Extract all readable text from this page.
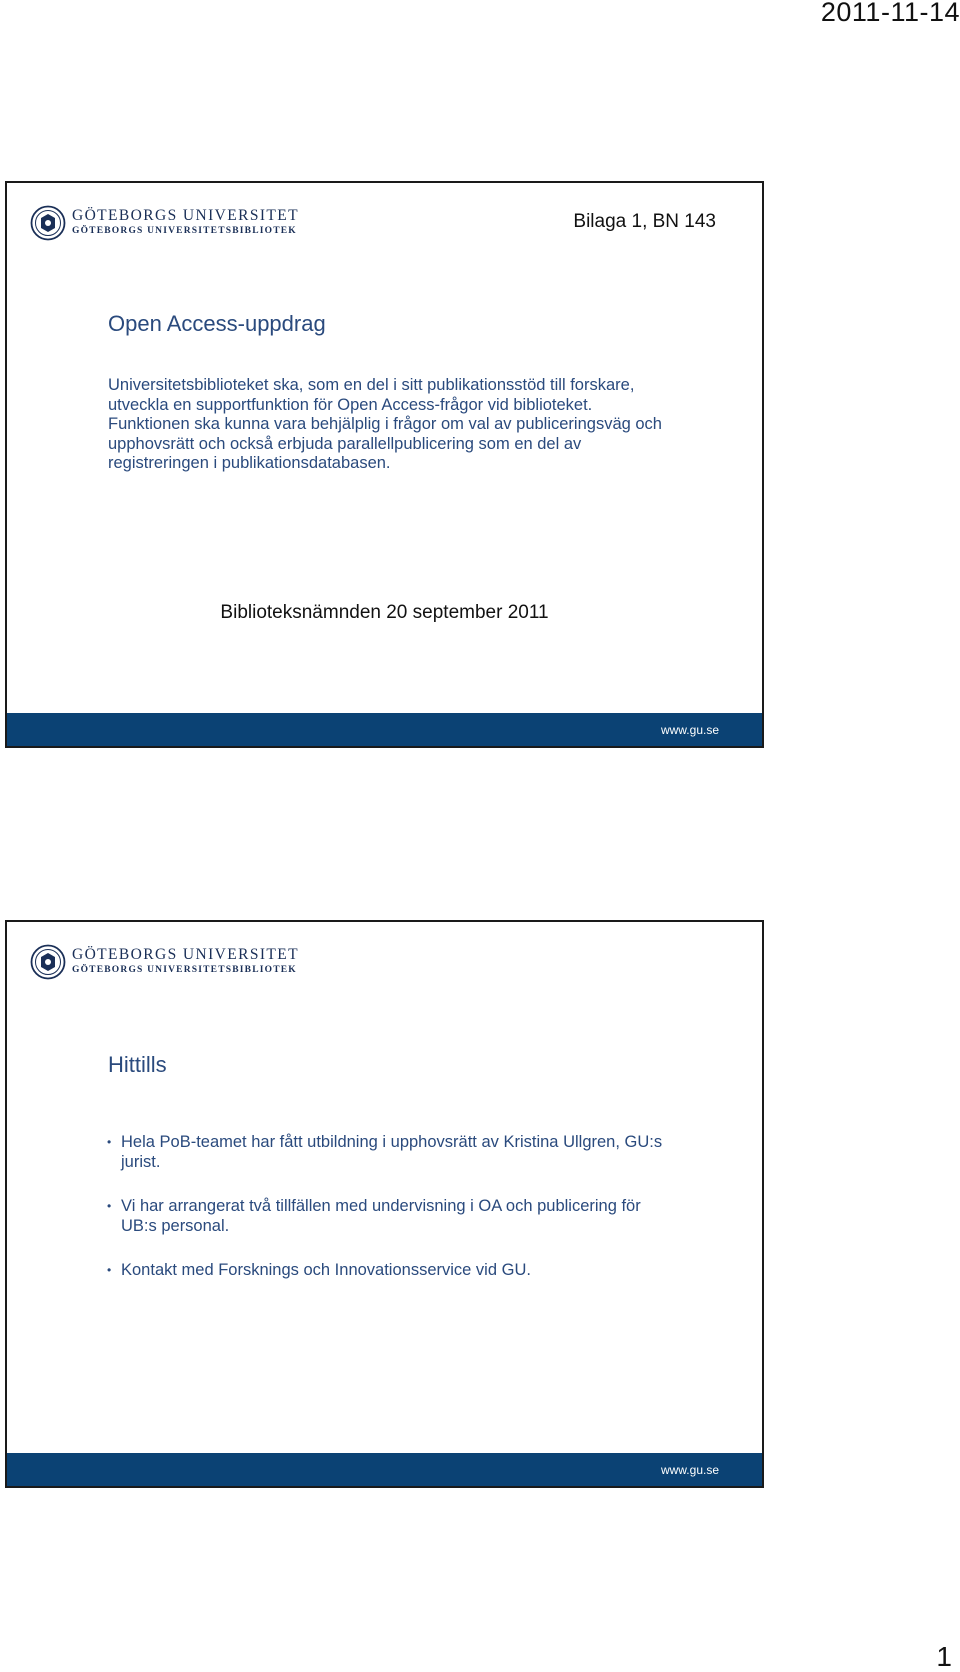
2011-11-14
GÖTEBORGS UNIVERSITET
GÖTEBORGS UNIVERSITETSBIBLIOTEK	Bilaga 1, BN 143
Open Access-uppdrag

Universitetsbiblioteket ska, som en del i sitt publikationsstöd till forskare, utveckla en supportfunktion för Open Access-frågor vid biblioteket. Funktionen ska kunna vara behjälplig i frågor om val av publiceringsväg och upphovsrätt och också erbjuda parallellpublicering som en del av registreringen i publikationsdatabasen.

Biblioteksnämnden 20 september 2011
www.gu.se
GÖTEBORGS UNIVERSITET
GÖTEBORGS UNIVERSITETSBIBLIOTEK
Hittills
• Hela PoB-teamet har fått utbildning i upphovsrätt av Kristina Ullgren, GU:s jurist.
• Vi har arrangerat två tillfällen med undervisning i OA och publicering för UB:s personal.
• Kontakt med Forsknings och Innovationsservice vid GU.
www.gu.se
1
